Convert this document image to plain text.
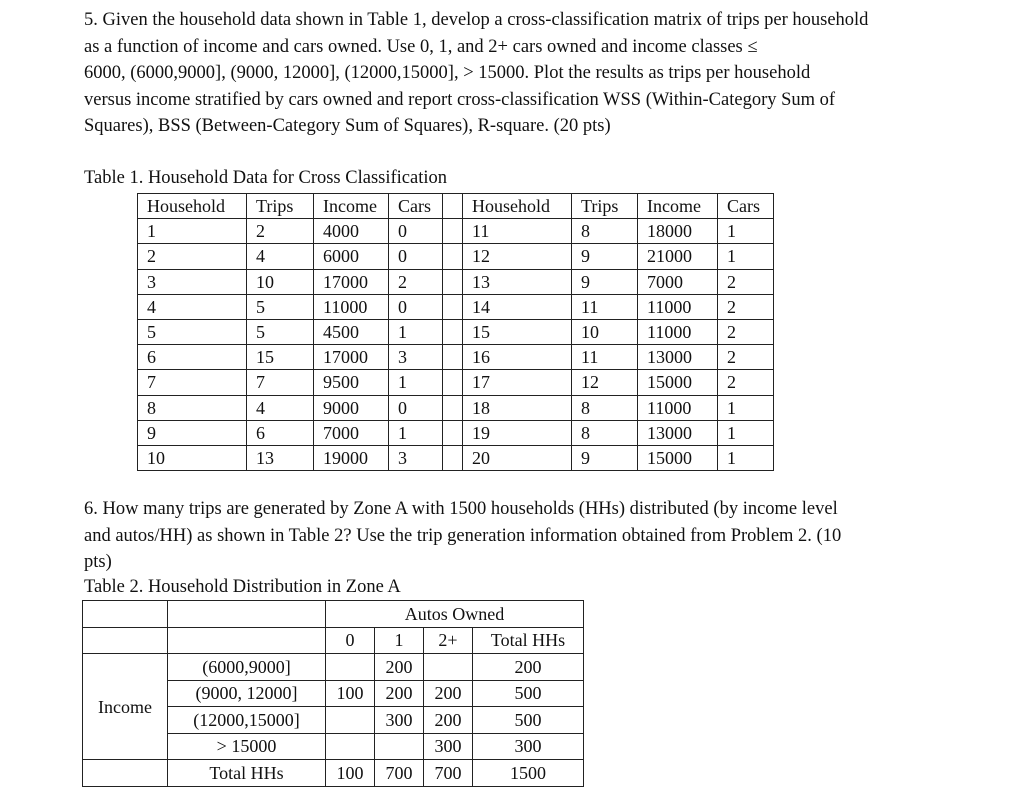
5. Given the household data shown in Table 1, develop a cross-classification matrix of trips per household
as a function of income and cars owned. Use 0, 1, and 2+ cars owned and income classes ≤
6000, (6000,9000], (9000, 12000], (12000,15000], > 15000. Plot the results as trips per household
versus income stratified by cars owned and report cross-classification WSS (Within-Category Sum of
Squares), BSS (Between-Category Sum of Squares), R-square. (20 pts)
Table 1. Household Data for Cross Classification
Household	Trips	Income	Cars		Household	Trips	Income	Cars
1	2	4000	0		11	8	18000	1
2	4	6000	0		12	9	21000	1
3	10	17000	2		13	9	7000	2
4	5	11000	0		14	11	11000	2
5	5	4500	1		15	10	11000	2
6	15	17000	3		16	11	13000	2
7	7	9500	1		17	12	15000	2
8	4	9000	0		18	8	11000	1
9	6	7000	1		19	8	13000	1
10	13	19000	3		20	9	15000	1
6. How many trips are generated by Zone A with 1500 households (HHs) distributed (by income level
and autos/HH) as shown in Table 2? Use the trip generation information obtained from Problem 2. (10
pts)
Table 2. Household Distribution in Zone A
		Autos Owned			
		0	1	2+	Total HHs
Income	(6000,9000]		200		200
	(9000, 12000]	100	200	200	500
	(12000,15000]		300	200	500
	> 15000			300	300
	Total HHs	100	700	700	1500
